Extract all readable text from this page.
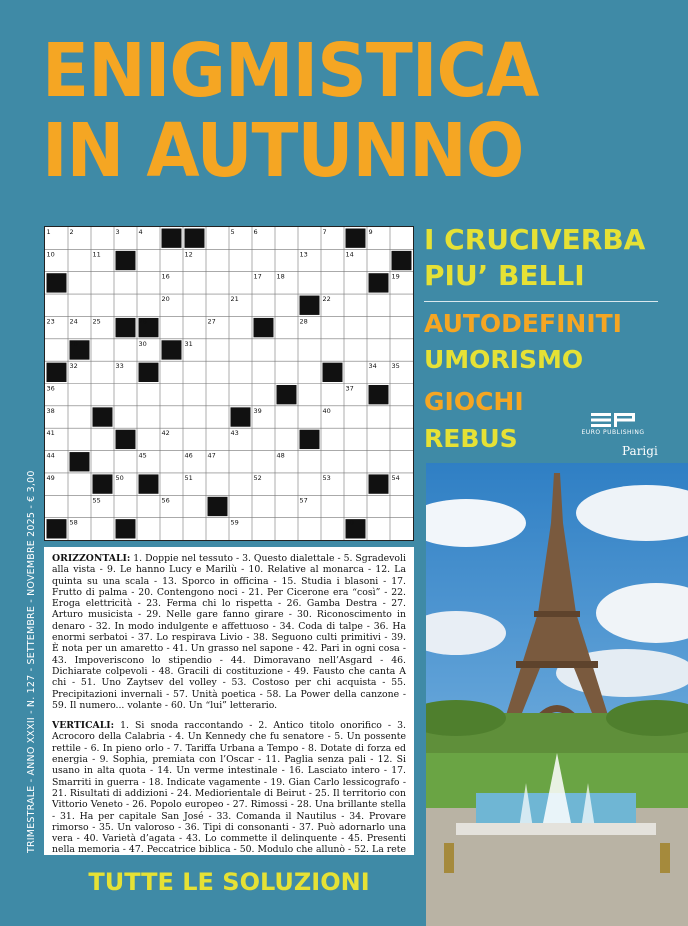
ENIGMISTICA
IN AUTUNNO
I CRUCIVERBA
PIU’ BELLI
AUTODEFINITI
UMORISMO
GIOCHI
REBUS	EURO PUBLISHING
Parigi
1	2	3	4	5	6	7	8	9
10	11	12	13	14
15	16	17 18	19
20	21	22
23 24 25	26	27	28
29	30	31
32	33	34 35
36	37
38	39	40
41	42	43
44	45	46 47	48
49	50	51	52	53	54
55	56	57
58	59	60

ORIZZONTALI: 1. Doppie nel tessuto - 3. Questo dialettale - 5. Sgradevoli alla vista - 9. Le hanno Lucy e Marilù - 10. Relative al monarca - 12. La quinta su una scala - 13. Sporco in officina - 15. Studia i blasoni - 17. Frutto di palma - 20. Contengono noci - 21. Per Cicerone era “così” - 22. Eroga elettricità - 23. Ferma chi lo rispetta - 26. Gamba Destra - 27. Arturo musicista - 29. Nelle gare fanno girare - 30. Riconoscimento in denaro - 32. In modo indulgente e affettuoso - 34. Coda di talpe - 36. Ha enormi serbatoi - 37. Lo respirava Livio - 38. Seguono culti primitivi - 39. È nota per un amaretto - 41. Un grasso nel sapone - 42. Pari in ogni cosa - 43. Impoveriscono lo stipendio - 44. Dimoravano nell’Asgard - 46. Dichiarate colpevoli - 48. Gracili di costituzione - 49. Fausto che canta A chi - 51. Uno Zaytsev del volley - 53. Costoso per chi acquista - 55. Precipitazioni invernali - 57. Unità poetica - 58. La Power della canzone - 59. Il numero... volante - 60. Un “lui” letterario.

VERTICALI: 1. Si snoda raccontando - 2. Antico titolo onorifico - 3. Acrocoro della Calabria - 4. Un Kennedy che fu senatore - 5. Un possente rettile - 6. In pieno orlo - 7. Tariffa Urbana a Tempo - 8. Dotate di forza ed energia - 9. Sophia, premiata con l’Oscar - 11. Paglia senza pali - 12. Si usano in alta quota - 14. Un verme intestinale - 16. Lasciato intero - 17. Smarriti in guerra - 18. Indicate vagamente - 19. Gian Carlo lessicografo - 21. Risultati di addizioni - 24. Mediorientale di Beirut - 25. Il territorio con Vittorio Veneto - 26. Popolo europeo - 27. Rimossi - 28. Una brillante stella - 31. Ha per capitale San José - 33. Comanda il Nautilus - 34. Provare rimorso - 35. Un valoroso - 36. Tipi di consonanti - 37. Può adornarlo una vera - 40. Varietà d’agata - 43. Lo commette il delinquente - 45. Presenti nella memoria - 47. Peccatrice biblica - 50. Modulo che allunò - 52. La rete

TRIMESTRALE - ANNO XXXII - N. 127 - SETTEMBRE - NOVEMBRE 2025 - € 3,00
TUTTE LE SOLUZIONI
